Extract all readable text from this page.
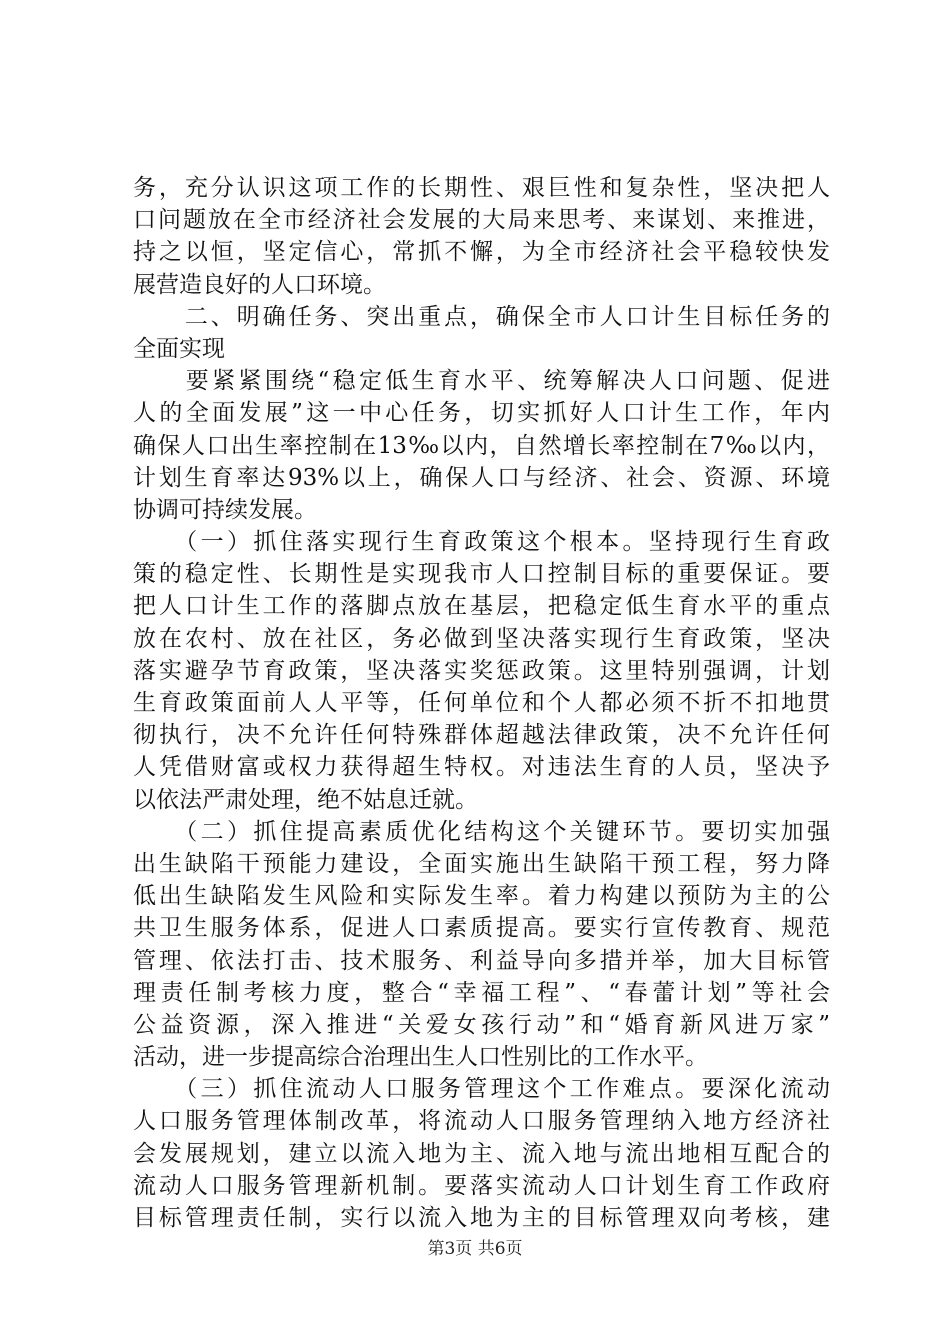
务，充分认识这项工作的长期性、艰巨性和复杂性，坚决把人
口问题放在全市经济社会发展的大局来思考、来谋划、来推进，
持之以恒，坚定信心，常抓不懈，为全市经济社会平稳较快发
展营造良好的人口环境。
　　二、明确任务、突出重点，确保全市人口计生目标任务的
全面实现
　　要紧紧围绕“稳定低生育水平、统筹解决人口问题、促进
人的全面发展”这一中心任务，切实抓好人口计生工作，年内
确保人口出生率控制在13‰以内，自然增长率控制在7‰以内，
计划生育率达93%以上，确保人口与经济、社会、资源、环境
协调可持续发展。
　　（一）抓住落实现行生育政策这个根本。坚持现行生育政
策的稳定性、长期性是实现我市人口控制目标的重要保证。要
把人口计生工作的落脚点放在基层，把稳定低生育水平的重点
放在农村、放在社区，务必做到坚决落实现行生育政策，坚决
落实避孕节育政策，坚决落实奖惩政策。这里特别强调，计划
生育政策面前人人平等，任何单位和个人都必须不折不扣地贯
彻执行，决不允许任何特殊群体超越法律政策，决不允许任何
人凭借财富或权力获得超生特权。对违法生育的人员，坚决予
以依法严肃处理，绝不姑息迁就。
　　（二）抓住提高素质优化结构这个关键环节。要切实加强
出生缺陷干预能力建设，全面实施出生缺陷干预工程，努力降
低出生缺陷发生风险和实际发生率。着力构建以预防为主的公
共卫生服务体系，促进人口素质提高。要实行宣传教育、规范
管理、依法打击、技术服务、利益导向多措并举，加大目标管
理责任制考核力度，整合“幸福工程”、“春蕾计划”等社会
公益资源，深入推进“关爱女孩行动”和“婚育新风进万家”
活动，进一步提高综合治理出生人口性别比的工作水平。
　　（三）抓住流动人口服务管理这个工作难点。要深化流动
人口服务管理体制改革，将流动人口服务管理纳入地方经济社
会发展规划，建立以流入地为主、流入地与流出地相互配合的
流动人口服务管理新机制。要落实流动人口计划生育工作政府
目标管理责任制，实行以流入地为主的目标管理双向考核，建
第3页 共6页
